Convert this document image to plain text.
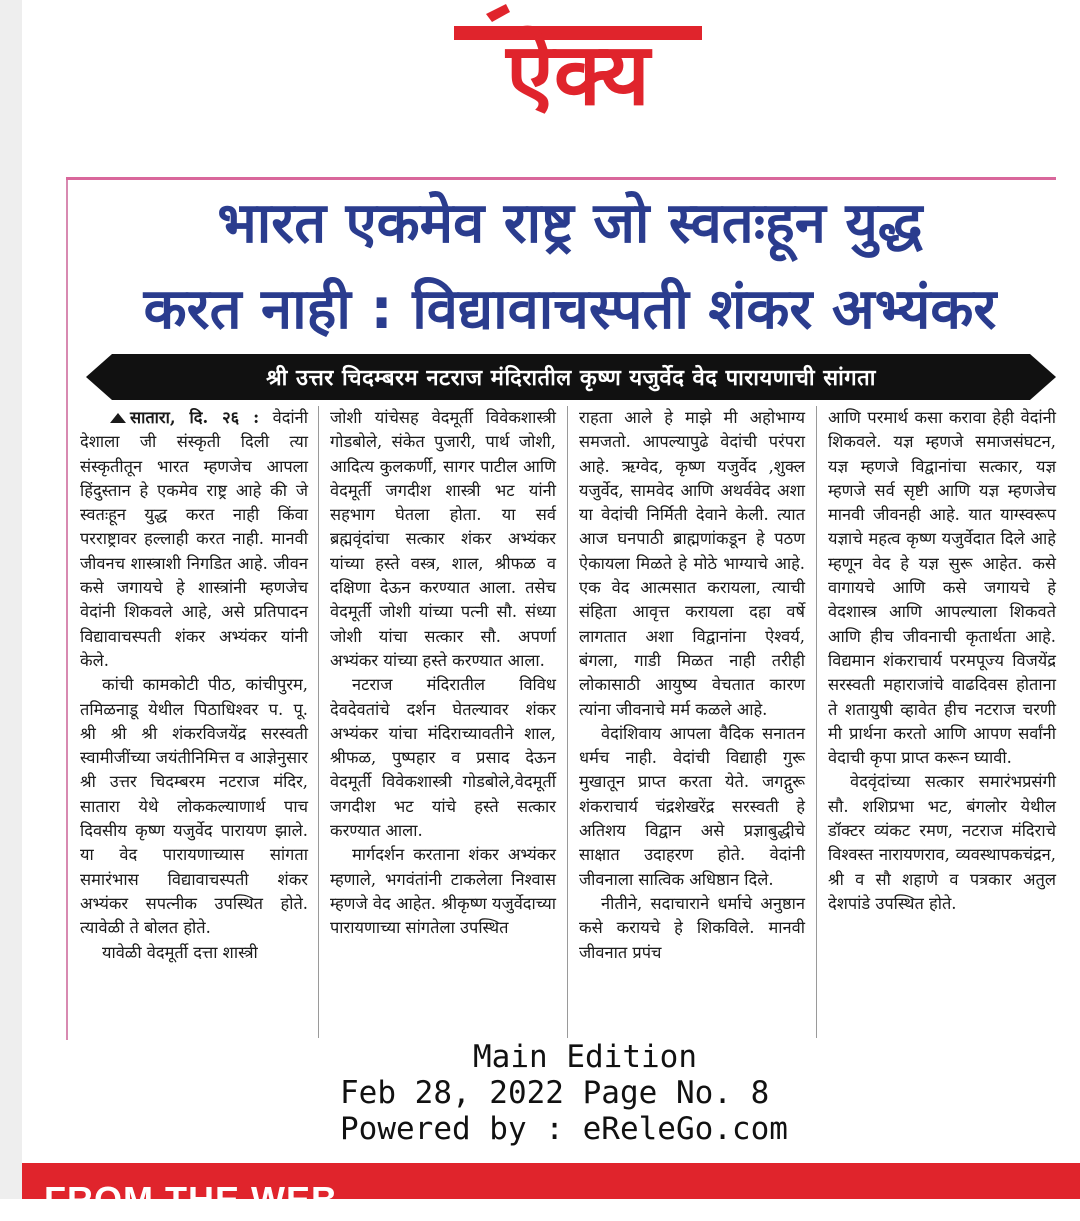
ऐक्य
भारत एकमेव राष्ट्र जो स्वतःहून युद्ध
करत नाही : विद्यावाचस्पती शंकर अभ्यंकर
श्री उत्तर चिदम्बरम नटराज मंदिरातील कृष्ण यजुर्वेद वेद पारायणाची सांगता

सातारा, दि. २६ : वेदांनी देशाला जी संस्कृती दिली त्या संस्कृतीतून भारत म्हणजेच आपला हिंदुस्तान हे एकमेव राष्ट्र आहे की जे स्वतःहून युद्ध करत नाही किंवा परराष्ट्रावर हल्लाही करत नाही. मानवी जीवनच शास्त्राशी निगडित आहे. जीवन कसे जगायचे हे शास्त्रांनी म्हणजेच वेदांनी शिकवले आहे, असे प्रतिपादन विद्यावाचस्पती शंकर अभ्यंकर यांनी केले.

कांची कामकोटी पीठ, कांचीपुरम, तमिळनाडू येथील पिठाधिश्वर प. पू. श्री श्री श्री शंकरविजयेंद्र सरस्वती स्वामीजींच्या जयंतीनिमित्त व आज्ञेनुसार श्री उत्तर चिदम्बरम नटराज मंदिर, सातारा येथे लोककल्याणार्थ पाच दिवसीय कृष्ण यजुर्वेद पारायण झाले. या वेद पारायणाच्यास सांगता समारंभास विद्यावाचस्पती शंकर अभ्यंकर सपत्नीक उपस्थित होते. त्यावेळी ते बोलत होते.

यावेळी वेदमूर्ती दत्ता शास्त्री

जोशी यांचेसह वेदमूर्ती विवेकशास्त्री गोडबोले, संकेत पुजारी, पार्थ जोशी, आदित्य कुलकर्णी, सागर पाटील आणि वेदमूर्ती जगदीश शास्त्री भट यांनी सहभाग घेतला होता. या सर्व ब्रह्मवृंदांचा सत्कार शंकर अभ्यंकर यांच्या हस्ते वस्त्र, शाल, श्रीफळ व दक्षिणा देऊन करण्यात आला. तसेच वेदमूर्ती जोशी यांच्या पत्नी सौ. संध्या जोशी यांचा सत्कार सौ. अपर्णा अभ्यंकर यांच्या हस्ते करण्यात आला.

नटराज मंदिरातील विविध देवदेवतांचे दर्शन घेतल्यावर शंकर अभ्यंकर यांचा मंदिराच्यावतीने शाल, श्रीफळ, पुष्पहार व प्रसाद देऊन वेदमूर्ती विवेकशास्त्री गोडबोले,वेदमूर्ती जगदीश भट यांचे हस्ते सत्कार करण्यात आला.

मार्गदर्शन करताना शंकर अभ्यंकर म्हणाले, भगवंतांनी टाकलेला निश्वास म्हणजे वेद आहेत. श्रीकृष्ण यजुर्वेदाच्या पारायणाच्या सांगतेला उपस्थित

राहता आले हे माझे मी अहोभाग्य समजतो. आपल्यापुढे वेदांची परंपरा आहे. ऋग्वेद, कृष्ण यजुर्वेद ,शुक्ल यजुर्वेद, सामवेद आणि अथर्ववेद अशा या वेदांची निर्मिती देवाने केली. त्यात आज घनपाठी ब्राह्मणांकडून हे पठण ऐकायला मिळते हे मोठे भाग्याचे आहे. एक वेद आत्मसात करायला, त्याची संहिता आवृत्त करायला दहा वर्षे लागतात अशा विद्वानांना ऐश्वर्य, बंगला, गाडी मिळत नाही तरीही लोकासाठी आयुष्य वेचतात कारण त्यांना जीवनाचे मर्म कळले आहे.

वेदांशिवाय आपला वैदिक सनातन धर्मच नाही. वेदांची विद्याही गुरू मुखातून प्राप्त करता येते. जगद्गुरू शंकराचार्य चंद्रशेखरेंद्र सरस्वती हे अतिशय विद्वान असे प्रज्ञाबुद्धीचे साक्षात उदाहरण होते. वेदांनी जीवनाला सात्विक अधिष्ठान दिले.

नीतीने, सदाचाराने धर्माचे अनुष्ठान कसे करायचे हे शिकविले. मानवी जीवनात प्रपंच

आणि परमार्थ कसा करावा हेही वेदांनी शिकवले. यज्ञ म्हणजे समाजसंघटन, यज्ञ म्हणजे विद्वानांचा सत्कार, यज्ञ म्हणजे सर्व सृष्टी आणि यज्ञ म्हणजेच मानवी जीवनही आहे. यात याग्स्वरूप यज्ञाचे महत्व कृष्ण यजुर्वेदात दिले आहे म्हणून वेद हे यज्ञ सुरू आहेत. कसे वागायचे आणि कसे जगायचे हे वेदशास्त्र आणि आपल्याला शिकवते आणि हीच जीवनाची कृतार्थता आहे. विद्यमान शंकराचार्य परमपूज्य विजयेंद्र सरस्वती महाराजांचे वाढदिवस होताना ते शतायुषी व्हावेत हीच नटराज चरणी मी प्रार्थना करतो आणि आपण सर्वांनी वेदाची कृपा प्राप्त करून घ्यावी.

वेदवृंदांच्या सत्कार समारंभप्रसंगी सौ. शशिप्रभा भट, बंगलोर येथील डॉक्टर व्यंकट रमण, नटराज मंदिराचे विश्वस्त नारायणराव, व्यवस्थापकचंद्रन, श्री व सौ शहाणे व पत्रकार अतुल देशपांडे उपस्थित होते.

Main Edition
Feb 28, 2022 Page No. 8
Powered by : eReleGo.com
FROM THE WEB
